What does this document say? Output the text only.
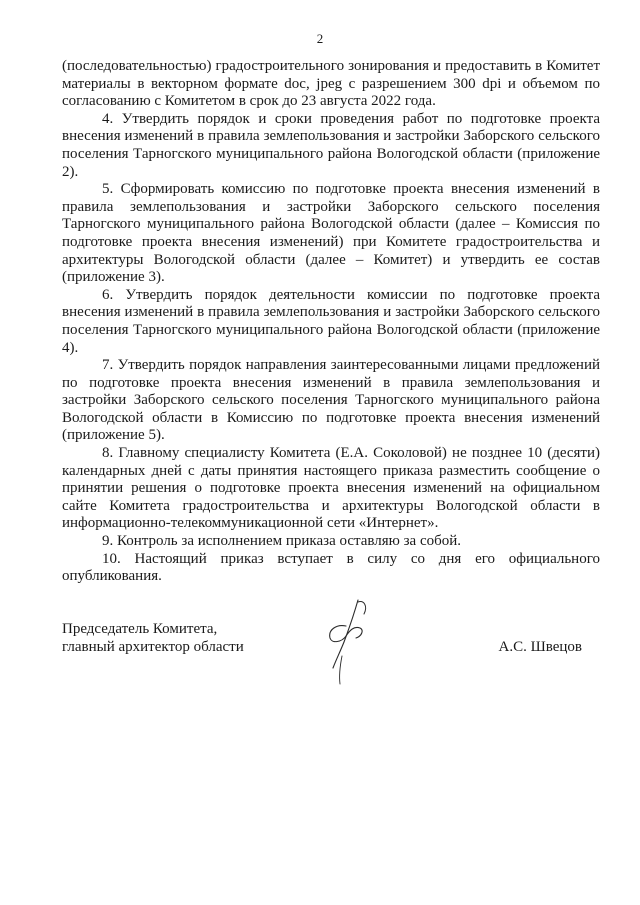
2

(последовательностью) градостроительного зонирования и предоставить в Комитет материалы в векторном формате doc, jpeg с разрешением 300 dpi и объемом по согласованию с Комитетом в срок до 23 августа 2022 года.

4. Утвердить порядок и сроки проведения работ по подготовке проекта внесения изменений в правила землепользования и застройки Заборского сельского поселения Тарногского муниципального района Вологодской области (приложение 2).

5. Сформировать комиссию по подготовке проекта внесения изменений в правила землепользования и застройки Заборского сельского поселения Тарногского муниципального района Вологодской области (далее – Комиссия по подготовке проекта внесения изменений) при Комитете градостроительства и архитектуры Вологодской области (далее – Комитет) и утвердить ее состав (приложение 3).

6. Утвердить порядок деятельности комиссии по подготовке проекта внесения изменений в правила землепользования и застройки Заборского сельского поселения Тарногского муниципального района Вологодской области (приложение 4).

7. Утвердить порядок направления заинтересованными лицами предложений по подготовке проекта внесения изменений в правила землепользования и застройки Заборского сельского поселения Тарногского муниципального района Вологодской области в Комиссию по подготовке проекта внесения изменений (приложение 5).

8. Главному специалисту Комитета (Е.А. Соколовой) не позднее 10 (десяти) календарных дней с даты принятия настоящего приказа разместить сообщение о принятии решения о подготовке проекта внесения изменений на официальном сайте Комитета градостроительства и архитектуры Вологодской области в информационно-телекоммуникационной сети «Интернет».

9. Контроль за исполнением приказа оставляю за собой.

10. Настоящий приказ вступает в силу со дня его официального опубликования.

Председатель Комитета,
главный архитектор области	А.С. Швецов
